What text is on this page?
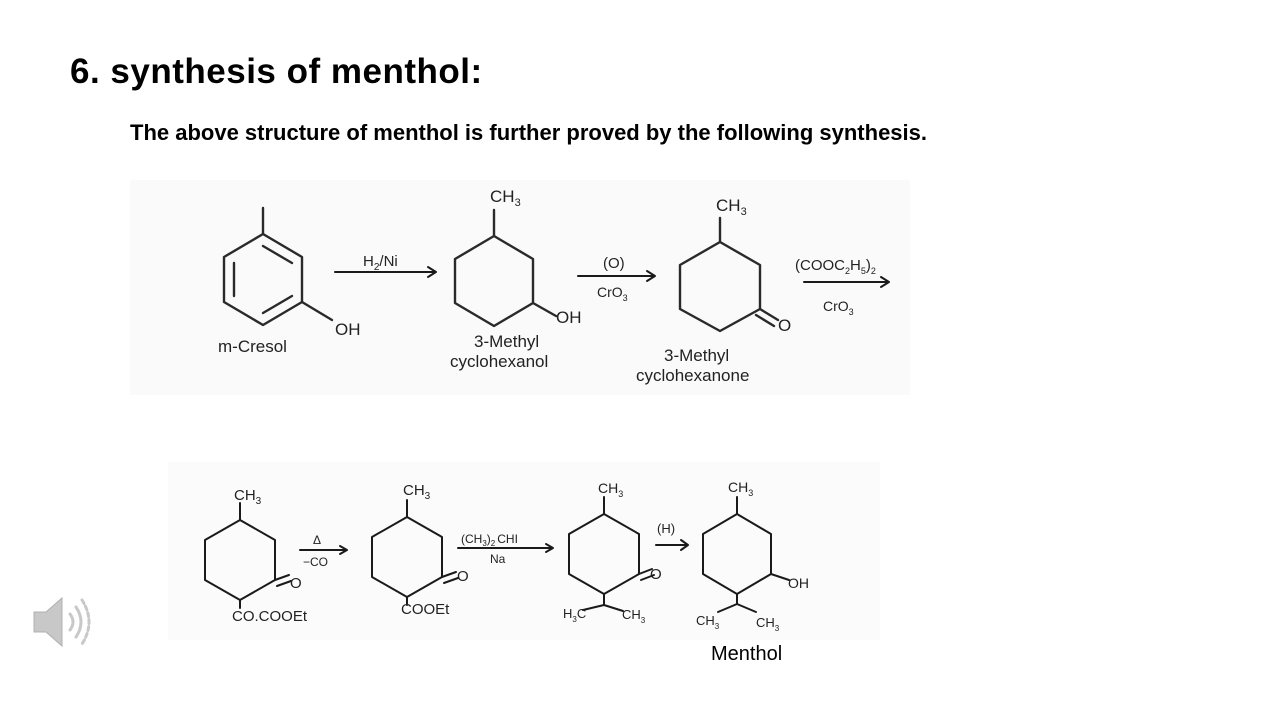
6. synthesis of menthol:

The above structure of menthol is further proved by the following synthesis.

OH
m-Cresol
$H_2/Ni$
$CH_3$
OH
3-Methyl
cyclohexanol
(O)
CrO$_3$
$CH_3$
O
3-Methyl
cyclohexanone
$(COOC_2H_5)_2$
CrO$_3$
$CH_3$
O
CO.COOEt
Δ
−CO
$CH_3$
O
COOEt
$(CH_3)_2$ CHI
Na
$CH_3$
O
$H_3C$	$CH_3$
(H)
$CH_3$
OH
$CH_3$	$CH_3$
Menthol
